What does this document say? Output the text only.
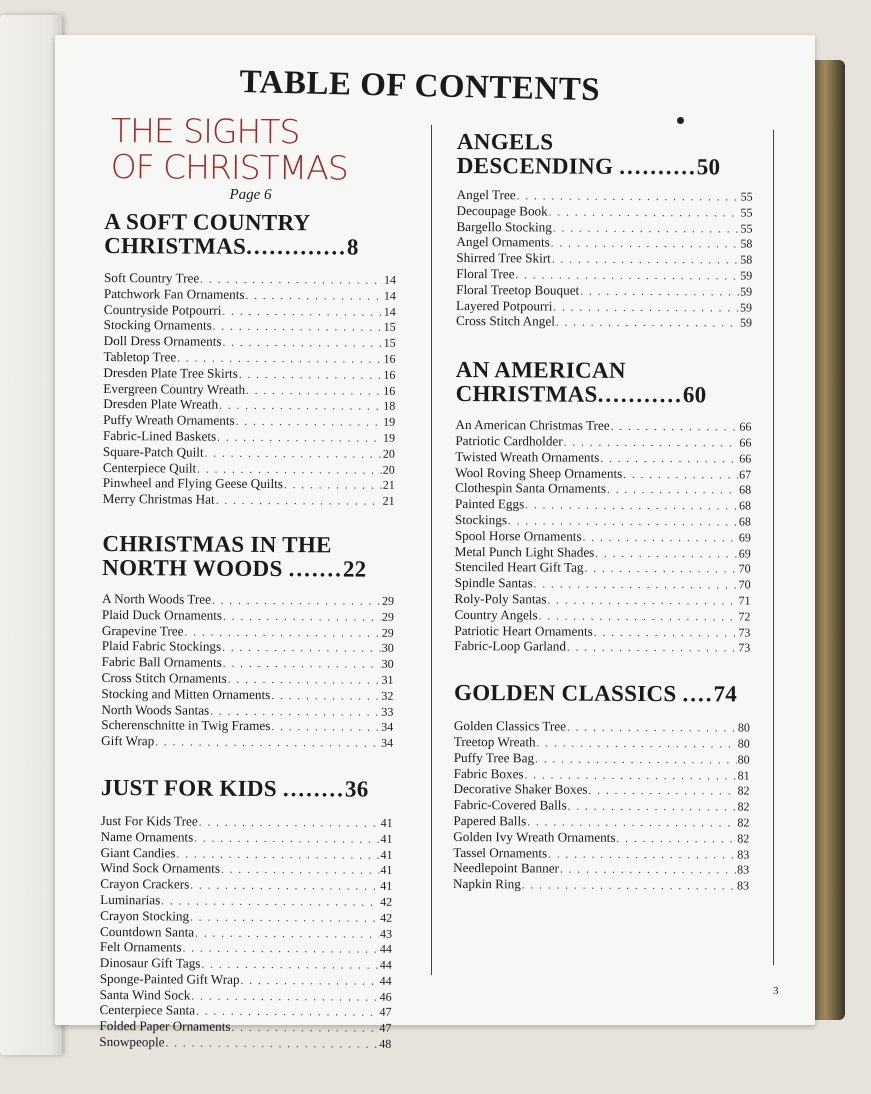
TABLE OF CONTENTS
THE SIGHTS
OF CHRISTMAS
Page 6
A SOFT COUNTRY
CHRISTMAS.............8
Soft Country Tree . . .	14
Patchwork Fan Ornaments . . .	14
Countryside Potpourri . . .	14
Stocking Ornaments . . .	15
Doll Dress Ornaments . . .	15
Tabletop Tree . . .	16
Dresden Plate Tree Skirts . . .	16
Evergreen Country Wreath . . .	16
Dresden Plate Wreath . . .	18
Puffy Wreath Ornaments . . .	19
Fabric-Lined Baskets . . .	19
Square-Patch Quilt . . .	20
Centerpiece Quilt . . .	20
Pinwheel and Flying Geese Quilts . . .	21
Merry Christmas Hat . . .	21
CHRISTMAS IN THE
NORTH WOODS .......22
A North Woods Tree . . .	29
Plaid Duck Ornaments . . .	29
Grapevine Tree . . .	29
Plaid Fabric Stockings . . .	30
Fabric Ball Ornaments . . .	30
Cross Stitch Ornaments . . .	31
Stocking and Mitten Ornaments . . .	32
North Woods Santas . . .	33
Scherenschnitte in Twig Frames . . .	34
Gift Wrap . . .	34
JUST FOR KIDS ........36
Just For Kids Tree . . .	41
Name Ornaments . . .	41
Giant Candies . . .	41
Wind Sock Ornaments . . .	41
Crayon Crackers . . .	41
Luminarias . . .	42
Crayon Stocking . . .	42
Countdown Santa . . .	43
Felt Ornaments . . .	44
Dinosaur Gift Tags . . .	44
Sponge-Painted Gift Wrap . . .	44
Santa Wind Sock . . .	46
Centerpiece Santa . . .	47
Folded Paper Ornaments . . .	47
Snowpeople . . .	48
ANGELS
DESCENDING ..........50
Angel Tree . . .	55
Decoupage Book . . .	55
Bargello Stocking . . .	55
Angel Ornaments . . .	58
Shirred Tree Skirt . . .	58
Floral Tree . . .	59
Floral Treetop Bouquet . . .	59
Layered Potpourri . . .	59
Cross Stitch Angel . . .	59
AN AMERICAN
CHRISTMAS...........60
An American Christmas Tree . . .	66
Patriotic Cardholder . . .	66
Twisted Wreath Ornaments . . .	66
Wool Roving Sheep Ornaments . . .	67
Clothespin Santa Ornaments . . .	68
Painted Eggs . . .	68
Stockings . . .	68
Spool Horse Ornaments . . .	69
Metal Punch Light Shades . . .	69
Stenciled Heart Gift Tag . . .	70
Spindle Santas . . .	70
Roly-Poly Santas . . .	71
Country Angels . . .	72
Patriotic Heart Ornaments . . .	73
Fabric-Loop Garland . . .	73
GOLDEN CLASSICS ....74
Golden Classics Tree . . .	80
Treetop Wreath . . .	80
Puffy Tree Bag . . .	80
Fabric Boxes . . .	81
Decorative Shaker Boxes . . .	82
Fabric-Covered Balls . . .	82
Papered Balls . . .	82
Golden Ivy Wreath Ornaments . . .	82
Tassel Ornaments . . .	83
Needlepoint Banner . . .	83
Napkin Ring . . .	83
3
